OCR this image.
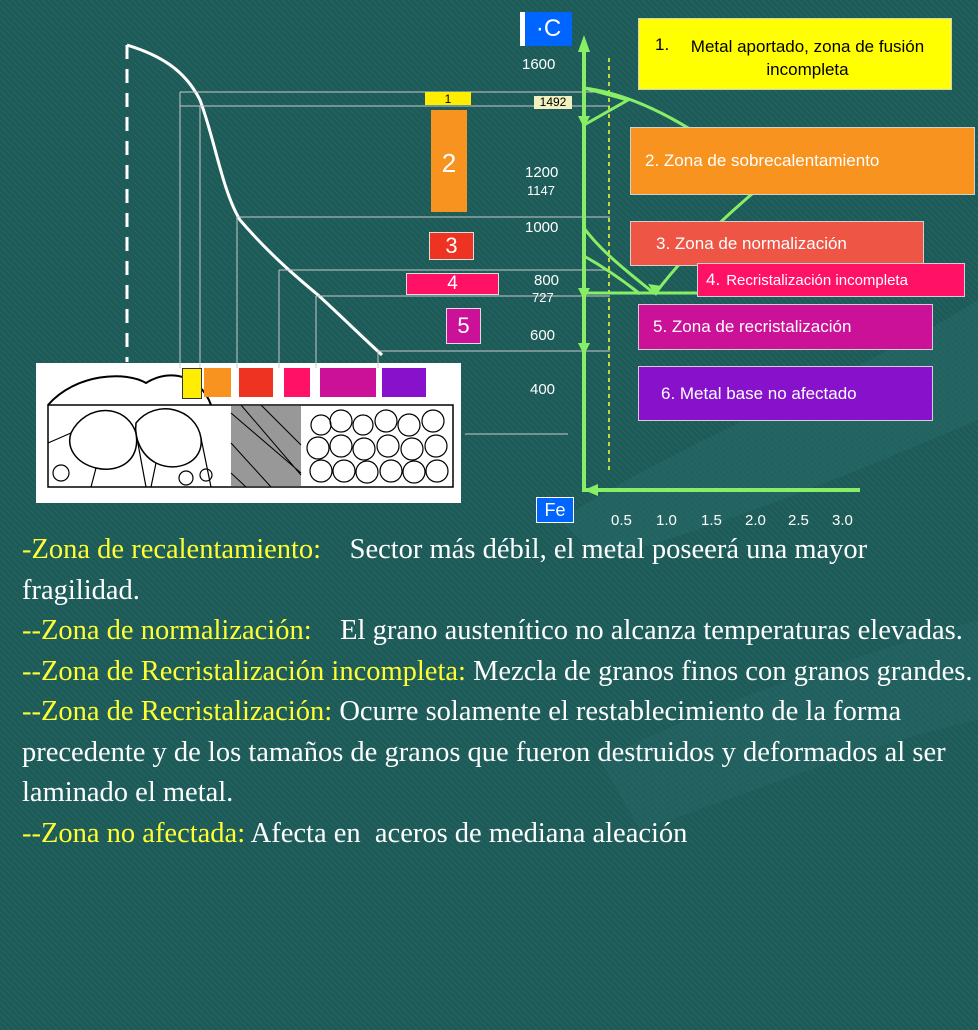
1
2
3
4
5
·C
1600
1492
1200
1147
1000
800
727
600
400
Fe
0.5 1.0 1.5 2.0 2.5 3.0
1.	Metal aportado, zona de fusión incompleta
2. Zona de sobrecalentamiento
3. Zona de normalización
4. Recristalización incompleta
5. Zona de recristalización
6. Metal base no afectado

-Zona de recalentamiento:    Sector más débil, el metal poseerá una mayor fragilidad.

--Zona de normalización:    El grano austenítico no alcanza temperaturas elevadas.

--Zona de Recristalización incompleta: Mezcla de granos finos con granos grandes.

--Zona de Recristalización: Ocurre solamente el restablecimiento de la forma precedente y de los tamaños de granos que fueron destruidos y deformados al ser laminado el metal.

--Zona no afectada: Afecta en  aceros de mediana aleación
